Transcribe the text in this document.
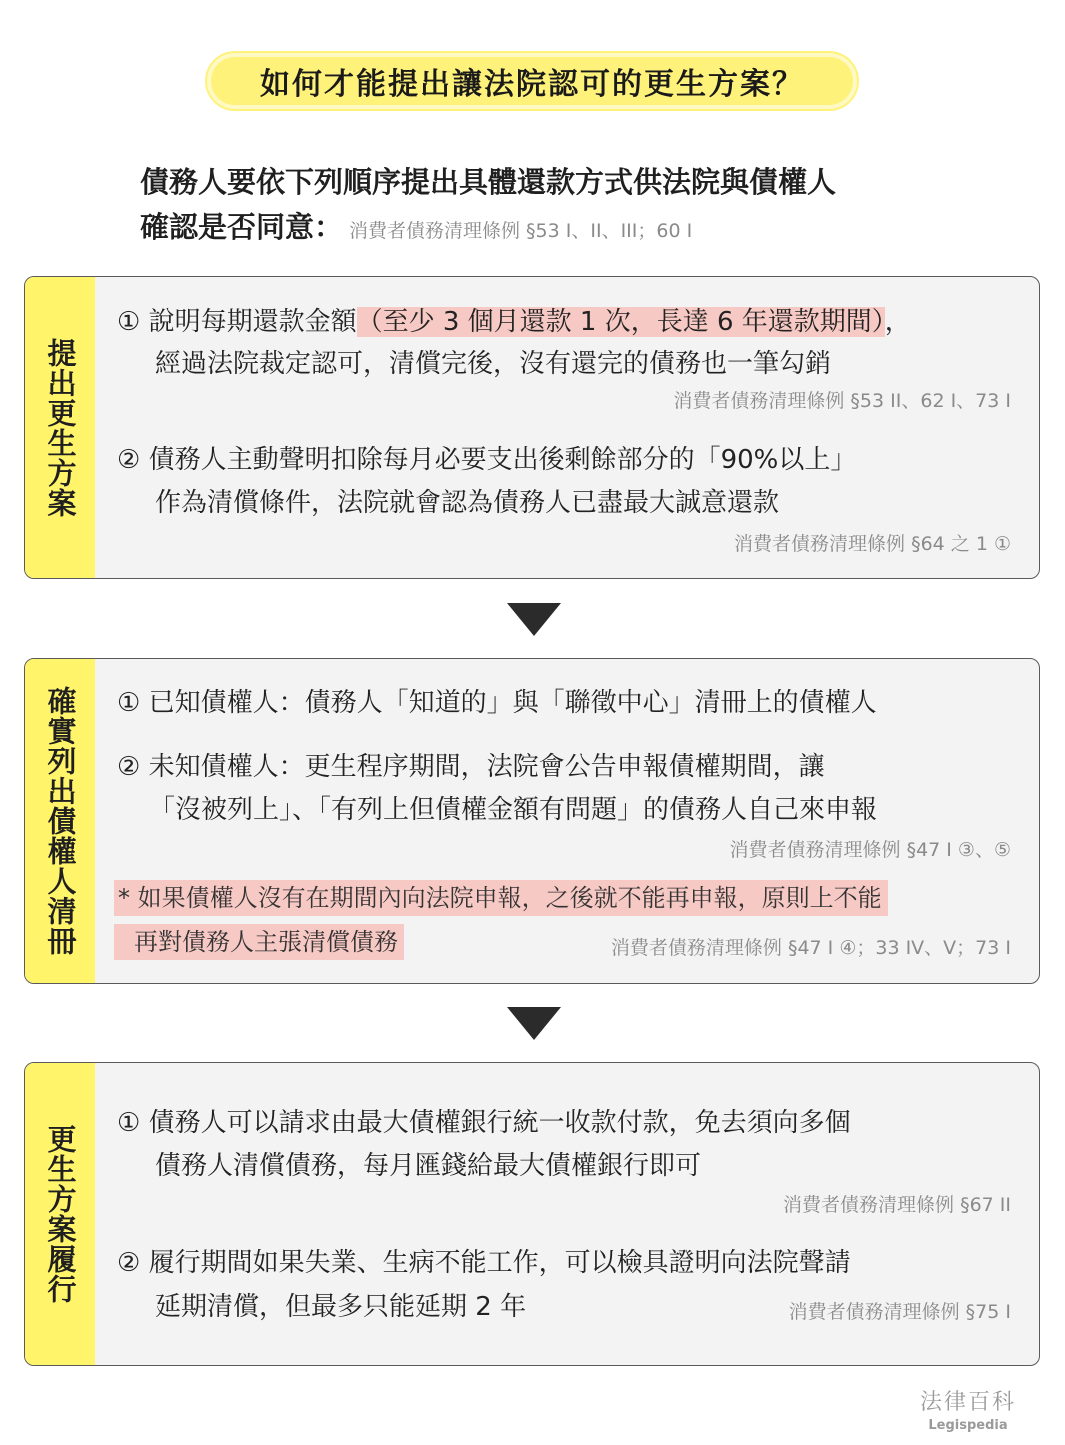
如何才能提出讓法院認可的更生方案？
債務人要依下列順序提出具體還款方式供法院與債權人
確認是否同意： 消費者債務清理條例 §53 I、II、III；60 I
提出更生方案
① 說明每期還款金額（至少 3 個月還款 1 次，長達 6 年還款期間），
經過法院裁定認可，清償完後，沒有還完的債務也一筆勾銷
消費者債務清理條例 §53 II、62 I、73 I
② 債務人主動聲明扣除每月必要支出後剩餘部分的「90%以上」
作為清償條件，法院就會認為債務人已盡最大誠意還款
消費者債務清理條例 §64 之 1 ①
確實列出債權人清冊 ① 已知債權人：債務人「知道的」與「聯徵中心」清冊上的債權人
② 未知債權人：更生程序期間，法院會公告申報債權期間，讓
「沒被列上」、「有列上但債權金額有問題」的債務人自己來申報
消費者債務清理條例 §47 I ③、⑤
* 如果債權人沒有在期間內向法院申報，之後就不能再申報，原則上不能
再對債務人主張清償債務	消費者債務清理條例 §47 I ④；33 IV、V；73 I
更生方案履行
① 債務人可以請求由最大債權銀行統一收款付款，免去須向多個
債務人清償債務，每月匯錢給最大債權銀行即可
消費者債務清理條例 §67 II
② 履行期間如果失業、生病不能工作，可以檢具證明向法院聲請
延期清償，但最多只能延期 2 年	消費者債務清理條例 §75 I
法律百科
Legispedia
